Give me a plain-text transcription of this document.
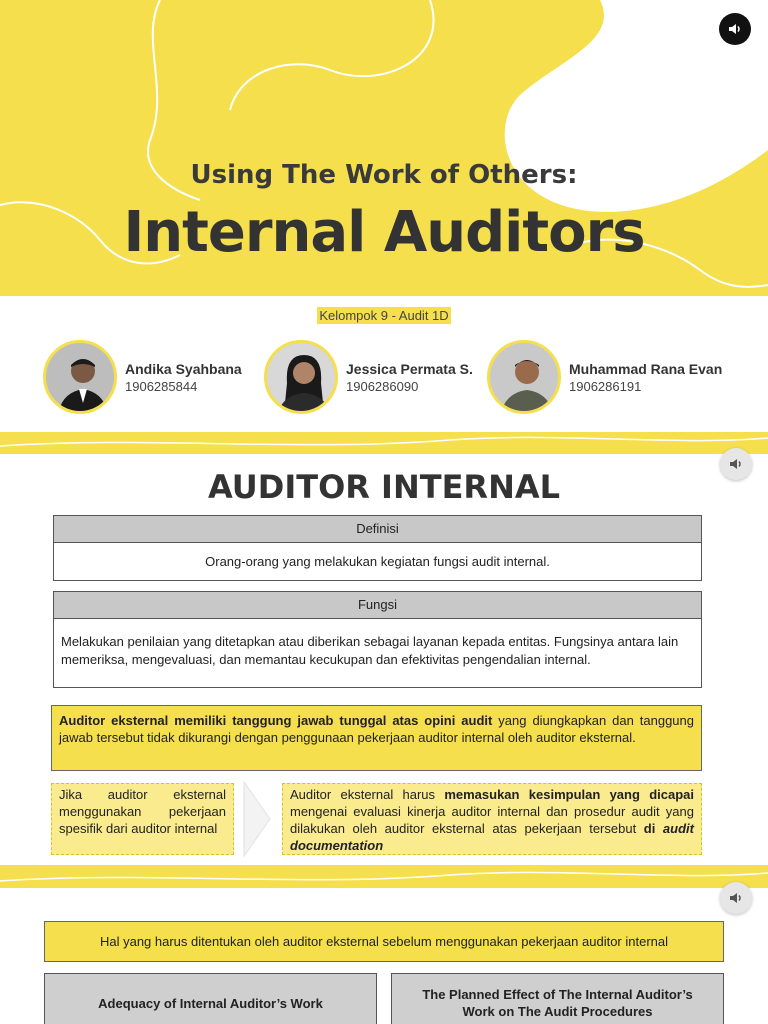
Using The Work of Others:
Internal Auditors
Kelompok 9 - Audit 1D
Andika Syahbana
1906285844
Jessica Permata S.
1906286090
Muhammad Rana Evan
1906286191
AUDITOR INTERNAL
Definisi
Orang-orang yang melakukan kegiatan fungsi audit internal.
Fungsi
Melakukan penilaian yang ditetapkan atau diberikan sebagai layanan kepada entitas. Fungsinya antara lain memeriksa, mengevaluasi, dan memantau kecukupan dan efektivitas pengendalian internal.
Auditor eksternal memiliki tanggung jawab tunggal atas opini audit yang diungkapkan dan tanggung jawab tersebut tidak dikurangi dengan penggunaan pekerjaan auditor internal oleh auditor eksternal.
Jika auditor eksternal menggunakan pekerjaan spesifik dari auditor internal
Auditor eksternal harus memasukan kesimpulan yang dicapai mengenai evaluasi kinerja auditor internal dan prosedur audit yang dilakukan oleh auditor eksternal atas pekerjaan tersebut di audit documentation
Hal yang harus ditentukan oleh auditor eksternal sebelum menggunakan pekerjaan auditor internal
Adequacy of Internal Auditor’s Work
The Planned Effect of The Internal Auditor’s Work on The Audit Procedures
